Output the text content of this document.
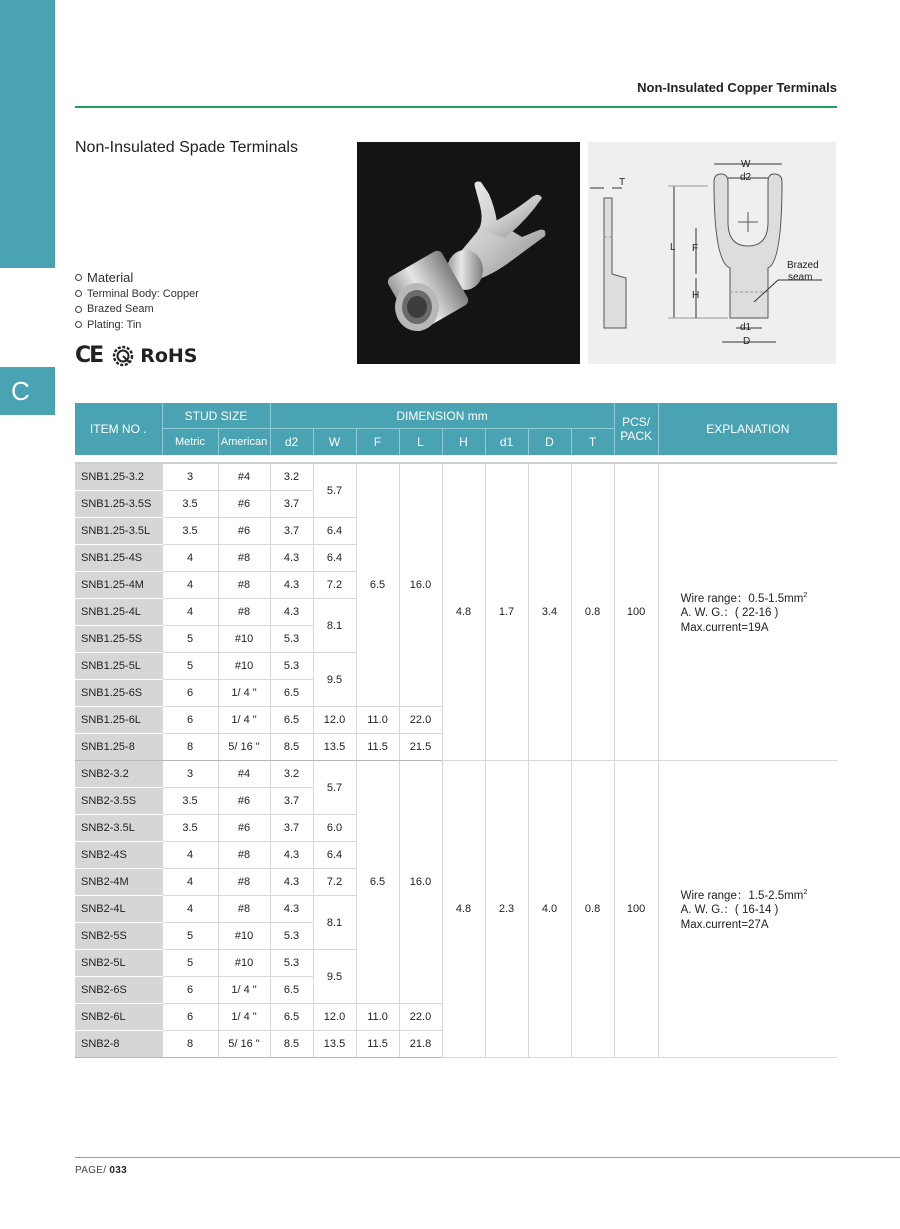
C
Non-Insulated Copper Terminals
Non-Insulated Spade Terminals
T
W
d2
L F
H
d1
D
Brazed
seam
Material
Terminal Body: Copper
Brazed Seam
Plating: Tin
CE RoHS
ITEM NO .	STUD SIZE		DIMENSION mm								PCS/
PACK	EXPLANATION
	Metric	American	d2	W	F	L	H	d1	D	T		

SNB1.25-3.2	3	#4	3.2	5.7	6.5	16.0	4.8	1.7	3.4	0.8	100	Wire range：$0.5-1.5mm^2$
A. W. G.：( 22-16 )
Max.current=19A

SNB1.25-3.5S	3.5	#6	3.7									
SNB1.25-3.5L	3.5	#6	3.7	6.4								
SNB1.25-4S	4	#8	4.3	6.4								
SNB1.25-4M	4	#8	4.3	7.2								
SNB1.25-4L	4	#8	4.3	8.1								
SNB1.25-5S	5	#10	5.3									
SNB1.25-5L	5	#10	5.3	9.5								
SNB1.25-6S	6	1/ 4 "	6.5									
SNB1.25-6L	6	1/ 4 "	6.5	12.0	11.0	22.0						
SNB1.25-8	8	5/ 16 "	8.5	13.5	11.5	21.5						
SNB2-3.2	3	#4	3.2	5.7	6.5	16.0	4.8	2.3	4.0	0.8	100	Wire range：$1.5-2.5mm^2$
A. W. G.：( 16-14 )
Max.current=27A

SNB2-3.5S	3.5	#6	3.7									
SNB2-3.5L	3.5	#6	3.7	6.0								
SNB2-4S	4	#8	4.3	6.4								
SNB2-4M	4	#8	4.3	7.2								
SNB2-4L	4	#8	4.3	8.1								
SNB2-5S	5	#10	5.3									
SNB2-5L	5	#10	5.3	9.5								
SNB2-6S	6	1/ 4 "	6.5									
SNB2-6L	6	1/ 4 "	6.5	12.0	11.0	22.0						
SNB2-8	8	5/ 16 "	8.5	13.5	11.5	21.8						
PAGE/ 033
